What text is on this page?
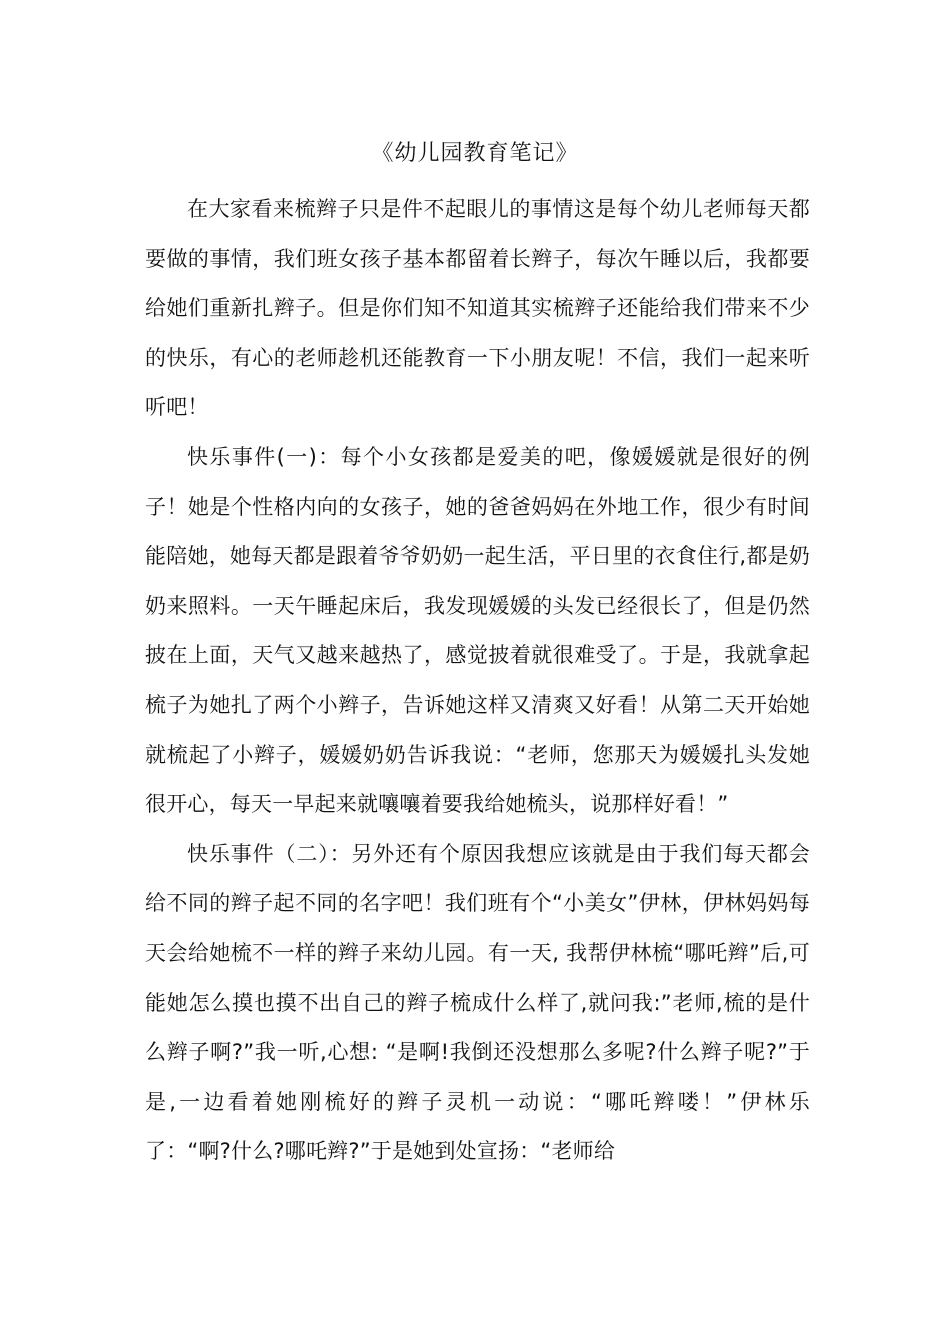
《幼儿园教育笔记》

在大家看来梳辫子只是件不起眼儿的事情这是每个幼儿老师每天都要做的事情，我们班女孩子基本都留着长辫子，每次午睡以后，我都要给她们重新扎辫子。但是你们知不知道其实梳辫子还能给我们带来不少的快乐，有心的老师趁机还能教育一下小朋友呢！不信，我们一起来听听吧！

快乐事件(一)：每个小女孩都是爱美的吧，像媛媛就是很好的例子！她是个性格内向的女孩子，她的爸爸妈妈在外地工作，很少有时间能陪她，她每天都是跟着爷爷奶奶一起生活，平日里的衣食住行,都是奶奶来照料。一天午睡起床后，我发现媛媛的头发已经很长了，但是仍然披在上面，天气又越来越热了，感觉披着就很难受了。于是，我就拿起梳子为她扎了两个小辫子，告诉她这样又清爽又好看！从第二天开始她就梳起了小辫子，媛媛奶奶告诉我说：“老师，您那天为媛媛扎头发她很开心，每天一早起来就嚷嚷着要我给她梳头，说那样好看！”

快乐事件（二）：另外还有个原因我想应该就是由于我们每天都会给不同的辫子起不同的名字吧！我们班有个“小美女”伊林，伊林妈妈每天会给她梳不一样的辫子来幼儿园。有一天, 我帮伊林梳“哪吒辫”后,可能她怎么摸也摸不出自己的辫子梳成什么样了,就问我:”老师,梳的是什么辫子啊?”我一听,心想: “是啊!我倒还没想那么多呢?什么辫子呢?”于是,一边看着她刚梳好的辫子灵机一动说：“哪吒辫喽！”伊林乐了：“啊?什么?哪吒辫?”于是她到处宣扬：“老师给
